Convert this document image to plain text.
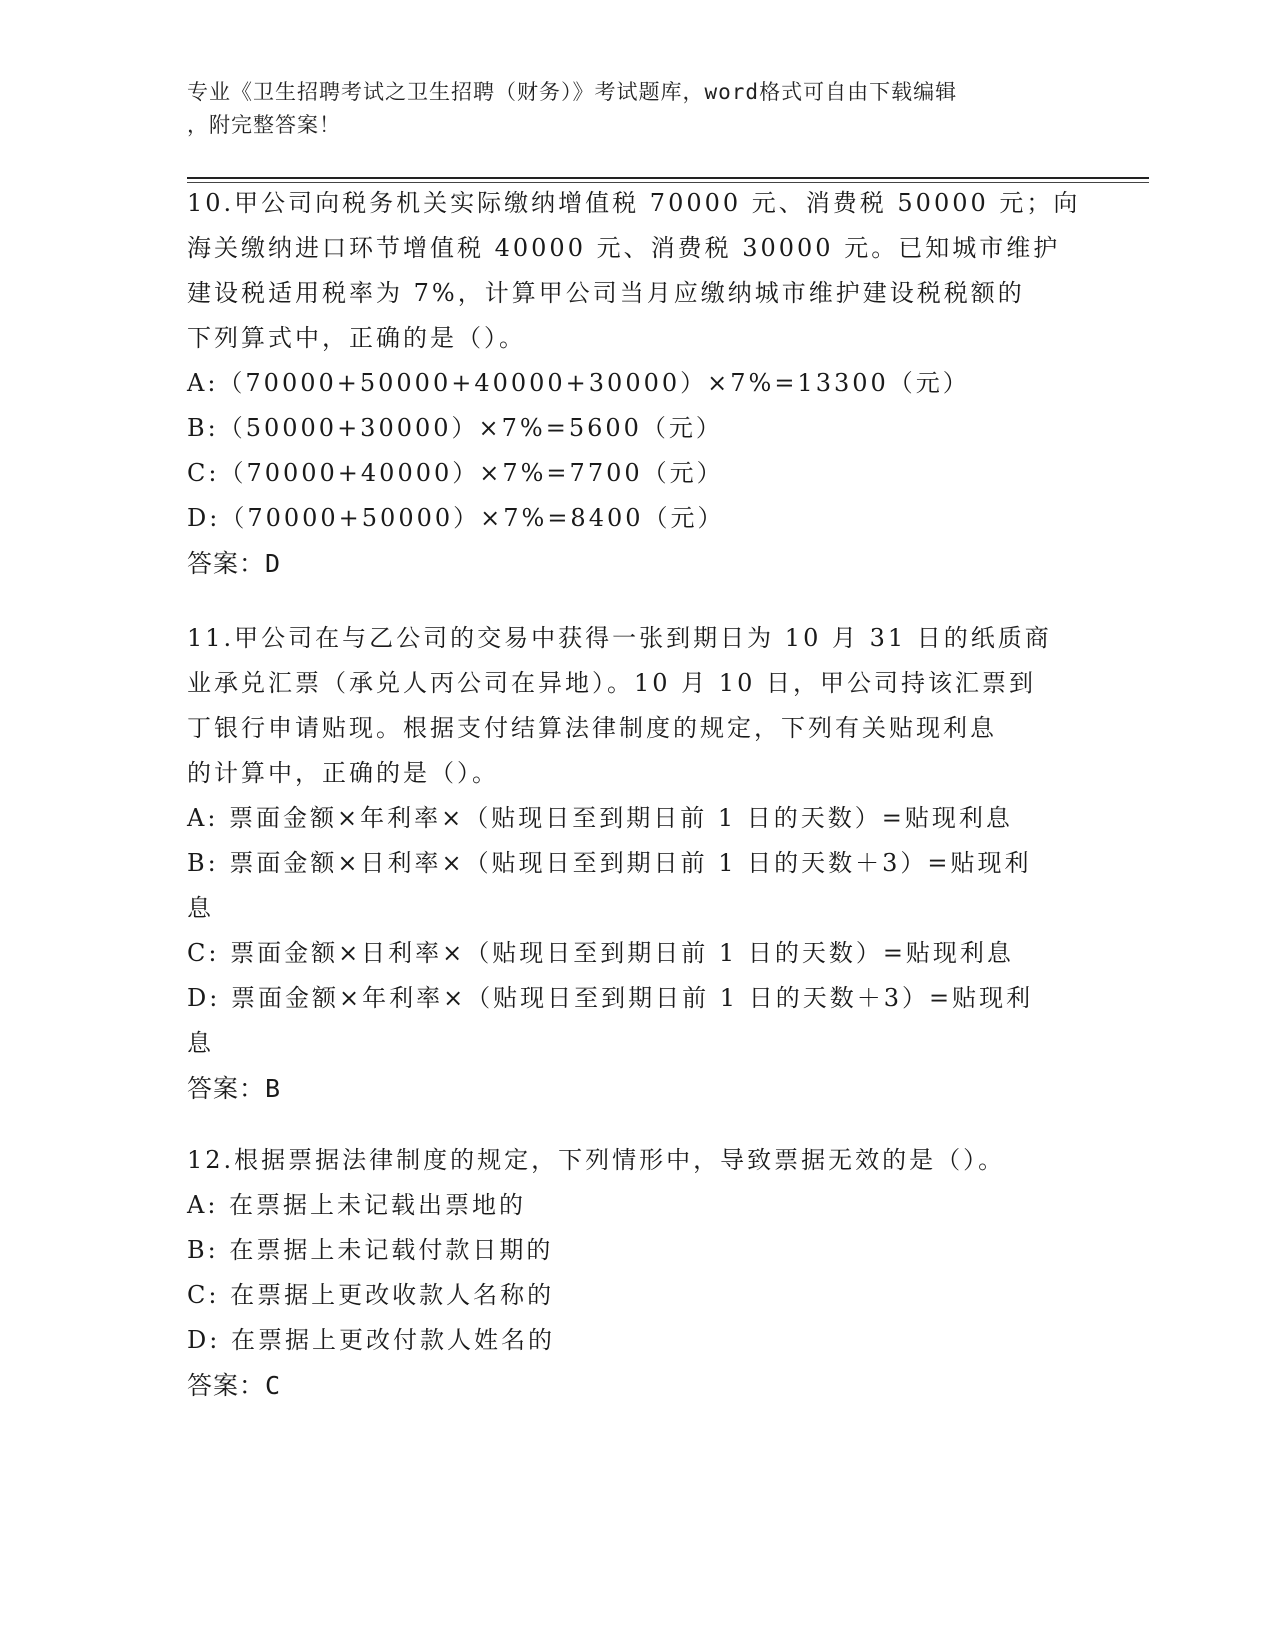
专业《卫生招聘考试之卫生招聘（财务）》考试题库，word格式可自由下载编辑
，附完整答案！

10.甲公司向税务机关实际缴纳增值税 70000 元、消费税 50000 元；向

海关缴纳进口环节增值税 40000 元、消费税 30000 元。已知城市维护

建设税适用税率为 7%，计算甲公司当月应缴纳城市维护建设税税额的

下列算式中，正确的是（）。

A:（70000+50000+40000+30000）×7%=13300（元）

B:（50000+30000）×7%=5600（元）

C:（70000+40000）×7%=7700（元）

D:（70000+50000）×7%=8400（元）

答案：D

11.甲公司在与乙公司的交易中获得一张到期日为 10 月 31 日的纸质商

业承兑汇票（承兑人丙公司在异地）。10 月 10 日，甲公司持该汇票到

丁银行申请贴现。根据支付结算法律制度的规定，下列有关贴现利息

的计算中，正确的是（）。

A: 票面金额×年利率×（贴现日至到期日前 1 日的天数）=贴现利息

B: 票面金额×日利率×（贴现日至到期日前 1 日的天数＋3）=贴现利

息

C: 票面金额×日利率×（贴现日至到期日前 1 日的天数）=贴现利息

D: 票面金额×年利率×（贴现日至到期日前 1 日的天数＋3）=贴现利

息

答案：B

12.根据票据法律制度的规定，下列情形中，导致票据无效的是（）。

A: 在票据上未记载出票地的

B: 在票据上未记载付款日期的

C: 在票据上更改收款人名称的

D: 在票据上更改付款人姓名的

答案：C
